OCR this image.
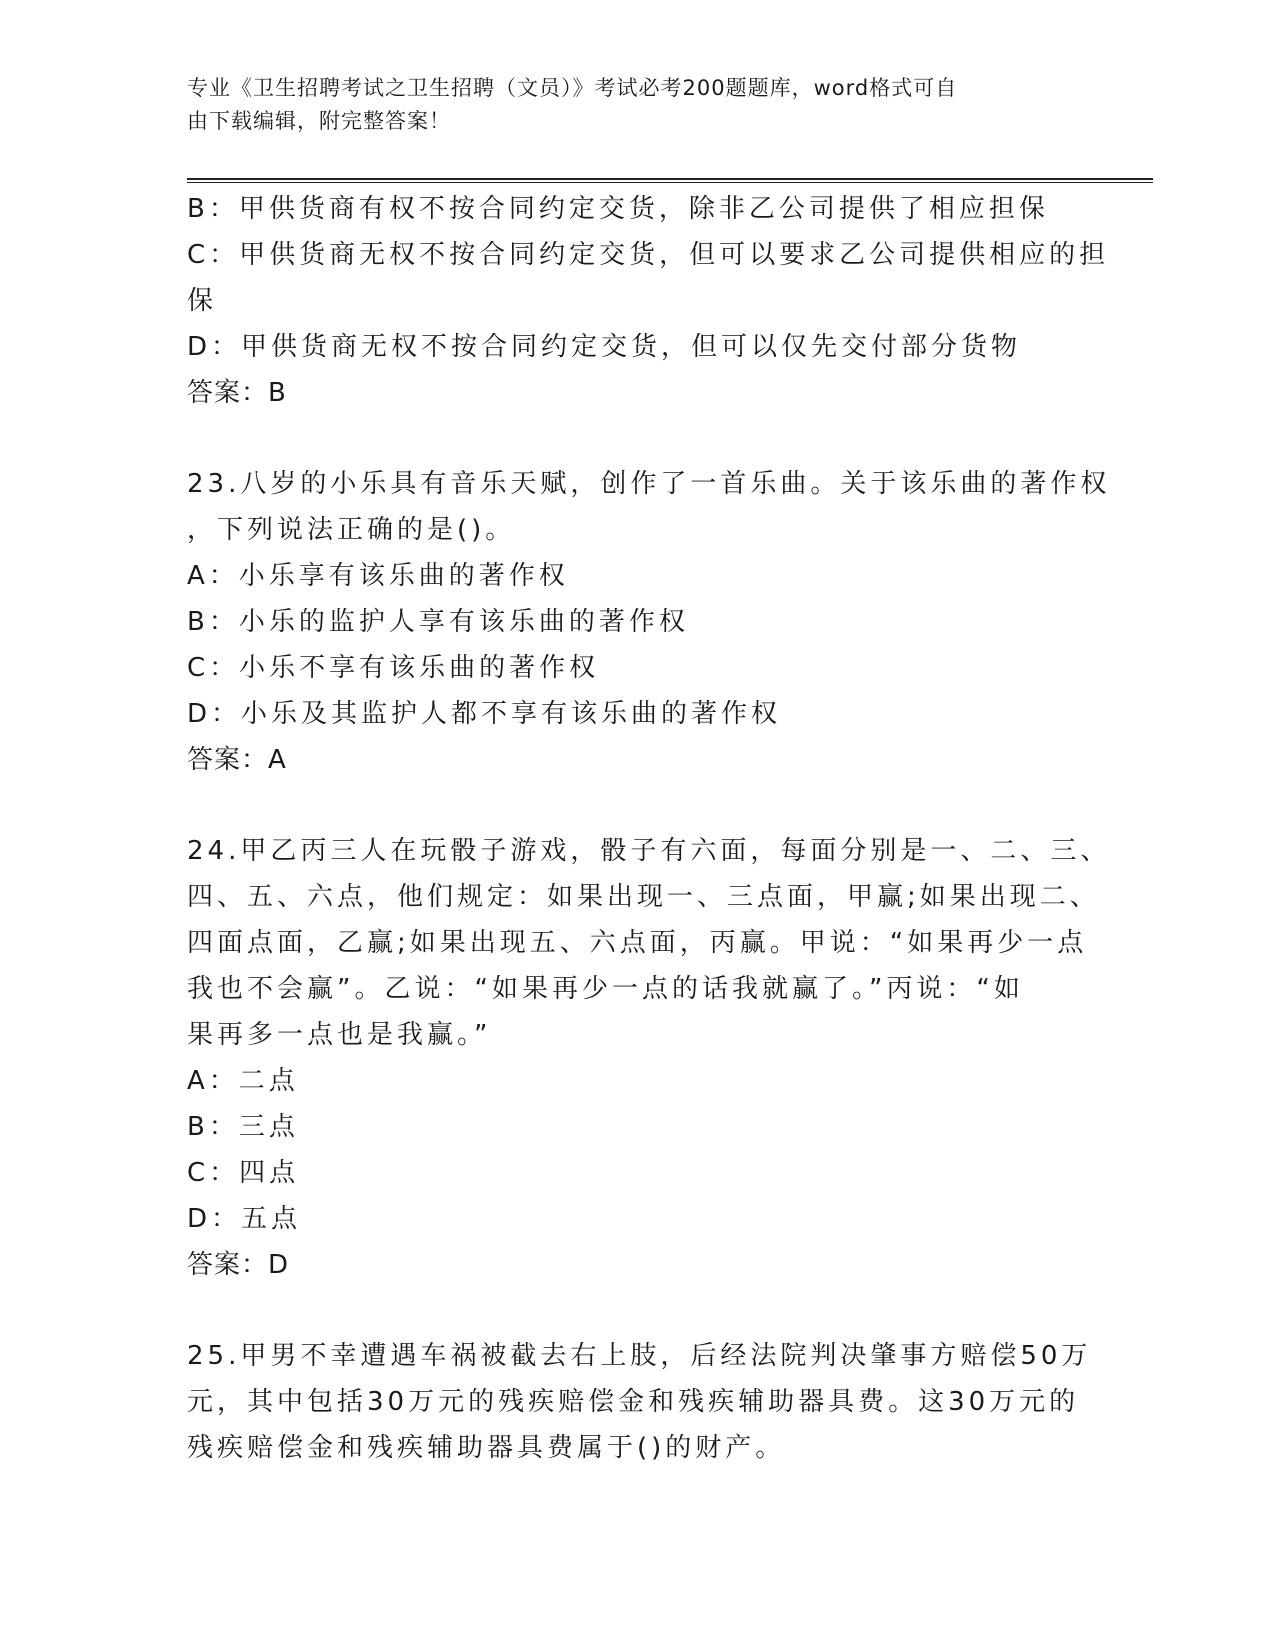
专业《卫生招聘考试之卫生招聘（文员）》考试必考200题题库，word格式可自
由下载编辑，附完整答案！
B：甲供货商有权不按合同约定交货，除非乙公司提供了相应担保
C：甲供货商无权不按合同约定交货，但可以要求乙公司提供相应的担
保
D：甲供货商无权不按合同约定交货，但可以仅先交付部分货物
答案：B
23.八岁的小乐具有音乐天赋，创作了一首乐曲。关于该乐曲的著作权
，下列说法正确的是()。
A：小乐享有该乐曲的著作权
B：小乐的监护人享有该乐曲的著作权
C：小乐不享有该乐曲的著作权
D：小乐及其监护人都不享有该乐曲的著作权
答案：A
24.甲乙丙三人在玩骰子游戏，骰子有六面，每面分别是一、二、三、
四、五、六点，他们规定：如果出现一、三点面，甲赢;如果出现二、
四面点面，乙赢;如果出现五、六点面，丙赢。甲说：“如果再少一点
我也不会赢”。乙说：“如果再少一点的话我就赢了。”丙说：“如
果再多一点也是我赢。”
A：二点
B：三点
C：四点
D：五点
答案：D
25.甲男不幸遭遇车祸被截去右上肢，后经法院判决肇事方赔偿50万
元，其中包括30万元的残疾赔偿金和残疾辅助器具费。这30万元的
残疾赔偿金和残疾辅助器具费属于()的财产。
